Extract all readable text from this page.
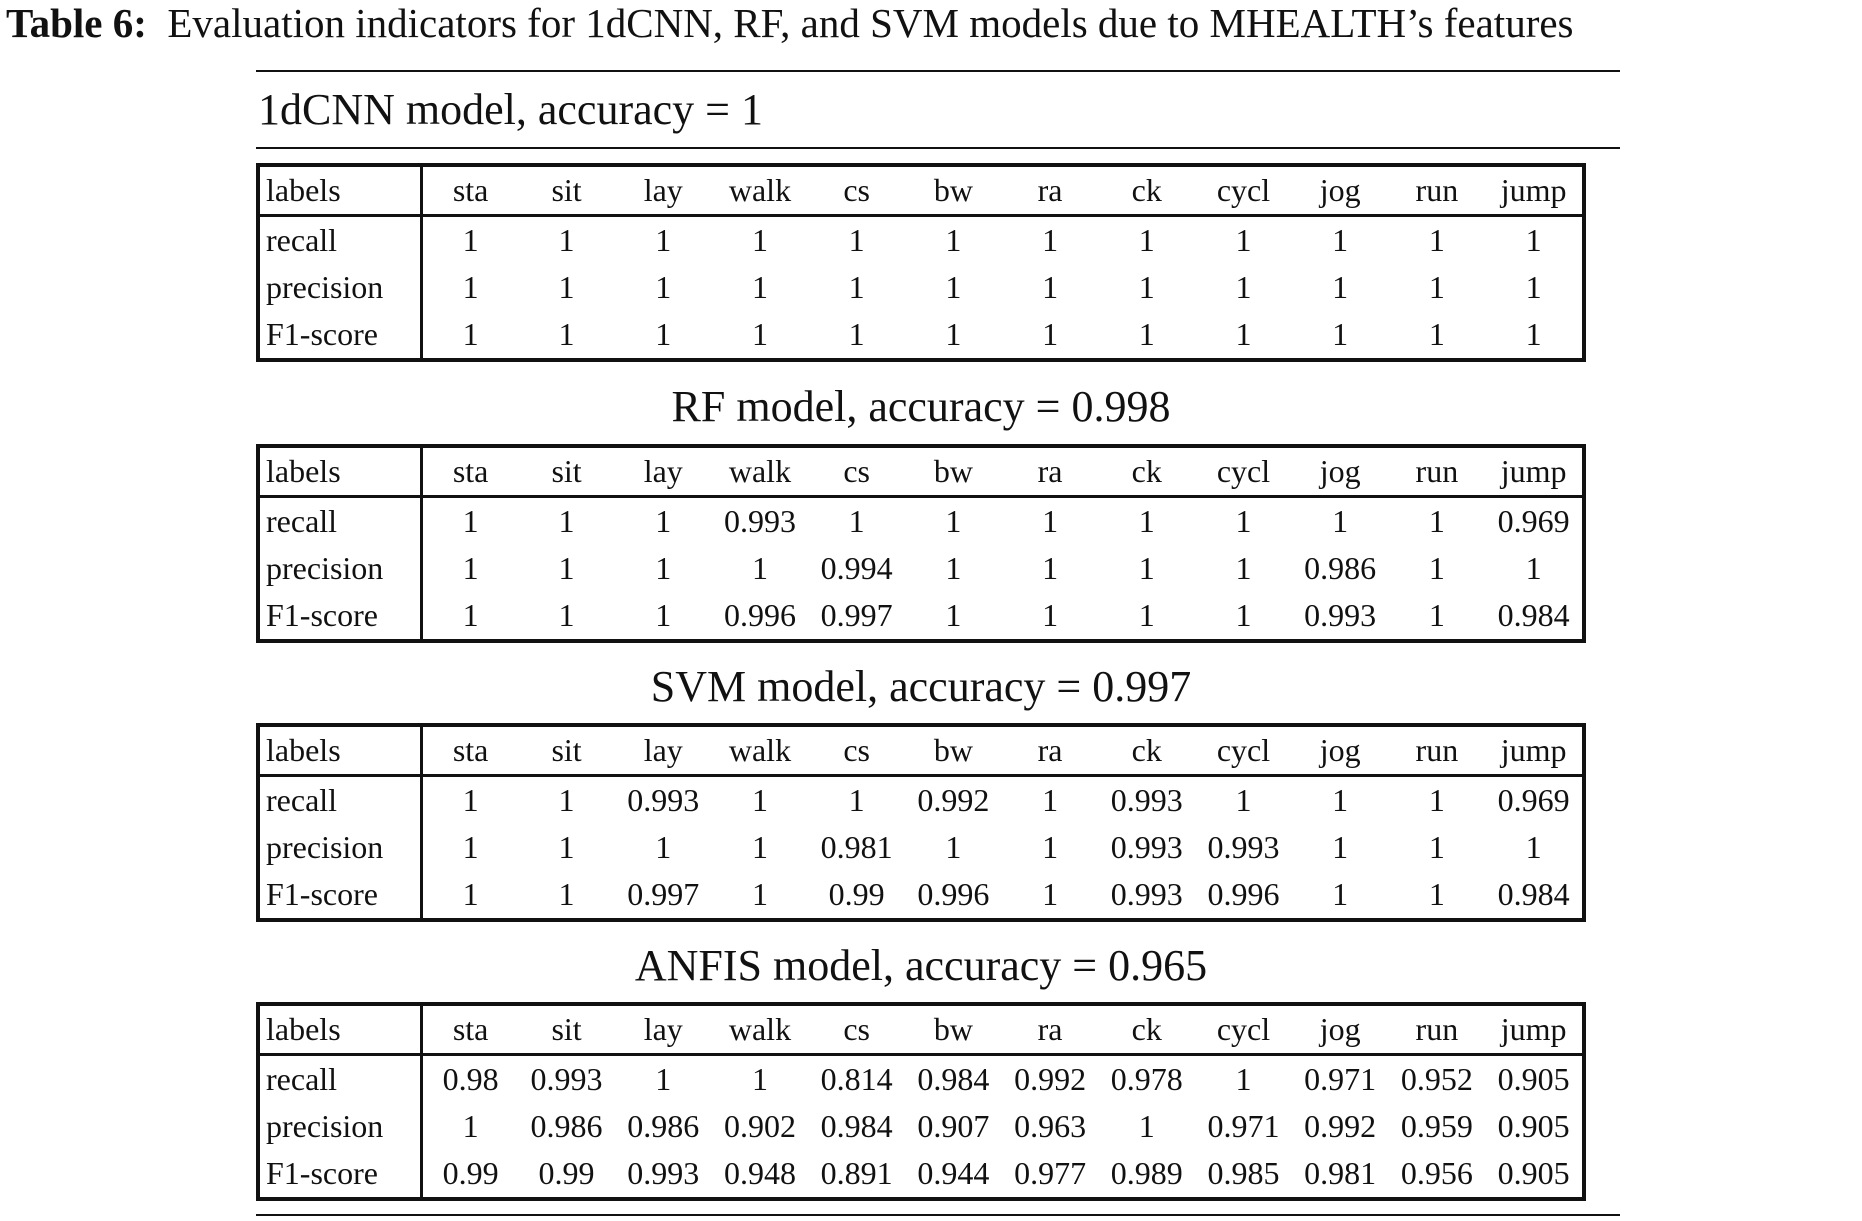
Table 6: Evaluation indicators for 1dCNN, RF, and SVM models due to MHEALTH’s features
1dCNN model, accuracy = 1
labels	sta	sit	lay	walk	cs	bw	ra	ck	cycl	jog	run	jump
recall	1	1	1	1	1	1	1	1	1	1	1	1
precision	1	1	1	1	1	1	1	1	1	1	1	1
F1-score	1	1	1	1	1	1	1	1	1	1	1	1
RF model, accuracy = 0.998
labels	sta	sit	lay	walk	cs	bw	ra	ck	cycl	jog	run	jump
recall	1	1	1	0.993	1	1	1	1	1	1	1	0.969
precision	1	1	1	1	0.994	1	1	1	1	0.986	1	1
F1-score	1	1	1	0.996	0.997	1	1	1	1	0.993	1	0.984
SVM model, accuracy = 0.997
labels	sta	sit	lay	walk	cs	bw	ra	ck	cycl	jog	run	jump
recall	1	1	0.993	1	1	0.992	1	0.993	1	1	1	0.969
precision	1	1	1	1	0.981	1	1	0.993	0.993	1	1	1
F1-score	1	1	0.997	1	0.99	0.996	1	0.993	0.996	1	1	0.984
ANFIS model, accuracy = 0.965
labels	sta	sit	lay	walk	cs	bw	ra	ck	cycl	jog	run	jump
recall	0.98	0.993	1	1	0.814	0.984	0.992	0.978	1	0.971	0.952	0.905
precision	1	0.986	0.986	0.902	0.984	0.907	0.963	1	0.971	0.992	0.959	0.905
F1-score	0.99	0.99	0.993	0.948	0.891	0.944	0.977	0.989	0.985	0.981	0.956	0.905
